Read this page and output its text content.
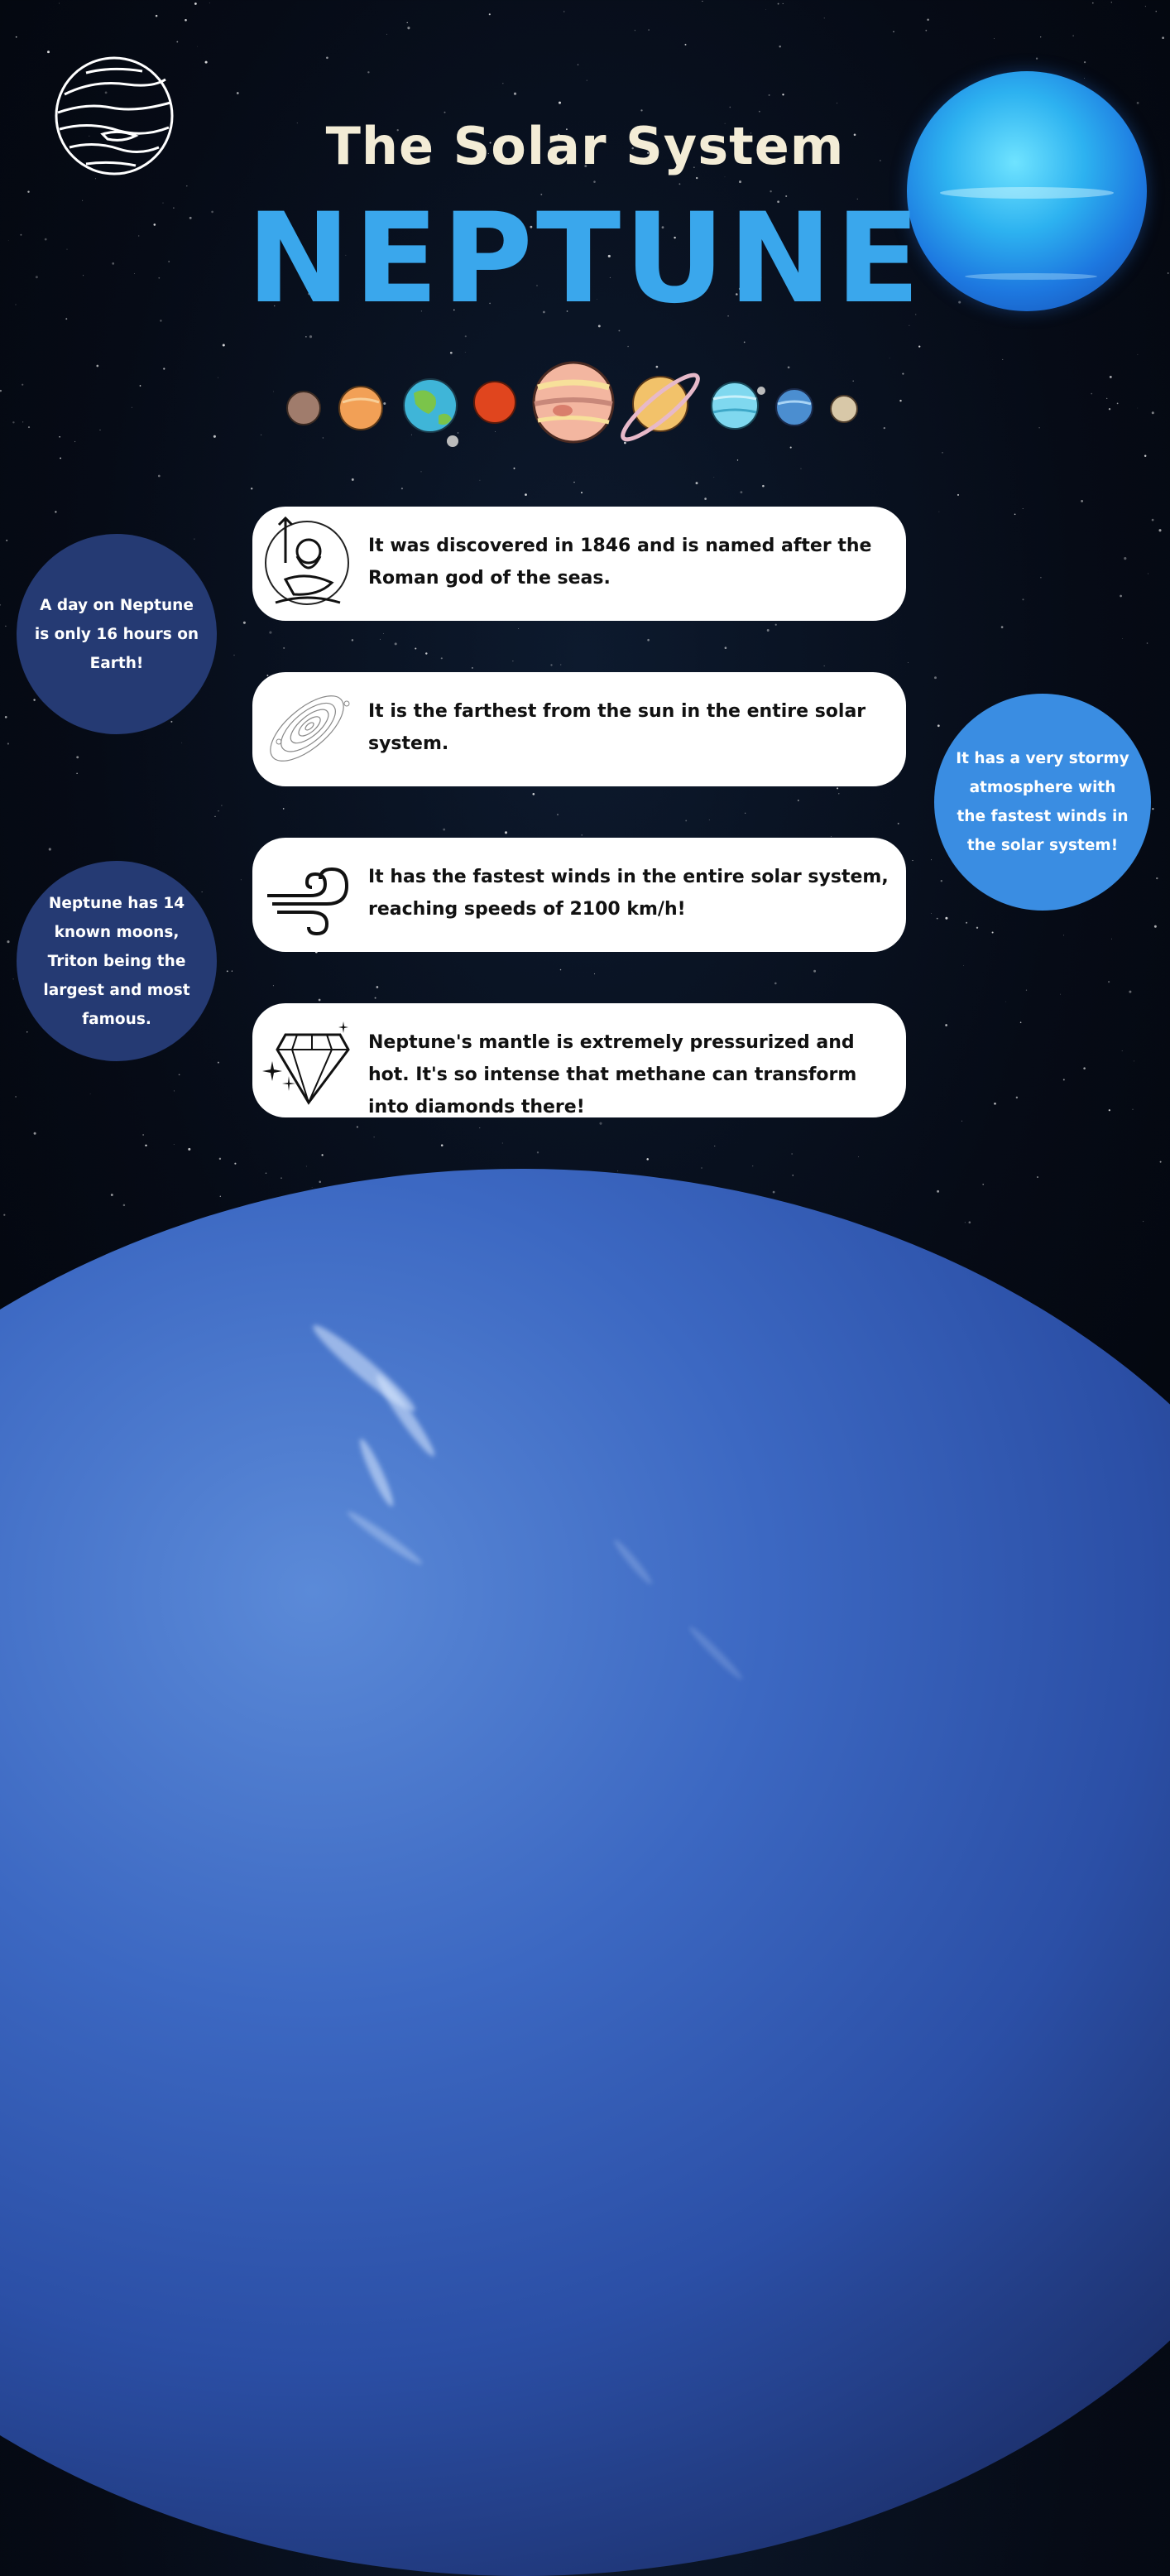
The Solar System
NEPTUNE
It was discovered in 1846 and is named after the Roman god of the seas.
It is the farthest from the sun in the entire solar system.
It has the fastest winds in the entire solar system, reaching speeds of 2100 km/h!
Neptune's mantle is extremely pressurized and hot. It's so intense that methane can transform into diamonds there!
A day on Neptune is only 16 hours on Earth!
Neptune has 14 known moons, Triton being the largest and most famous.
It has a very stormy atmosphere with the fastest winds in the solar system!
